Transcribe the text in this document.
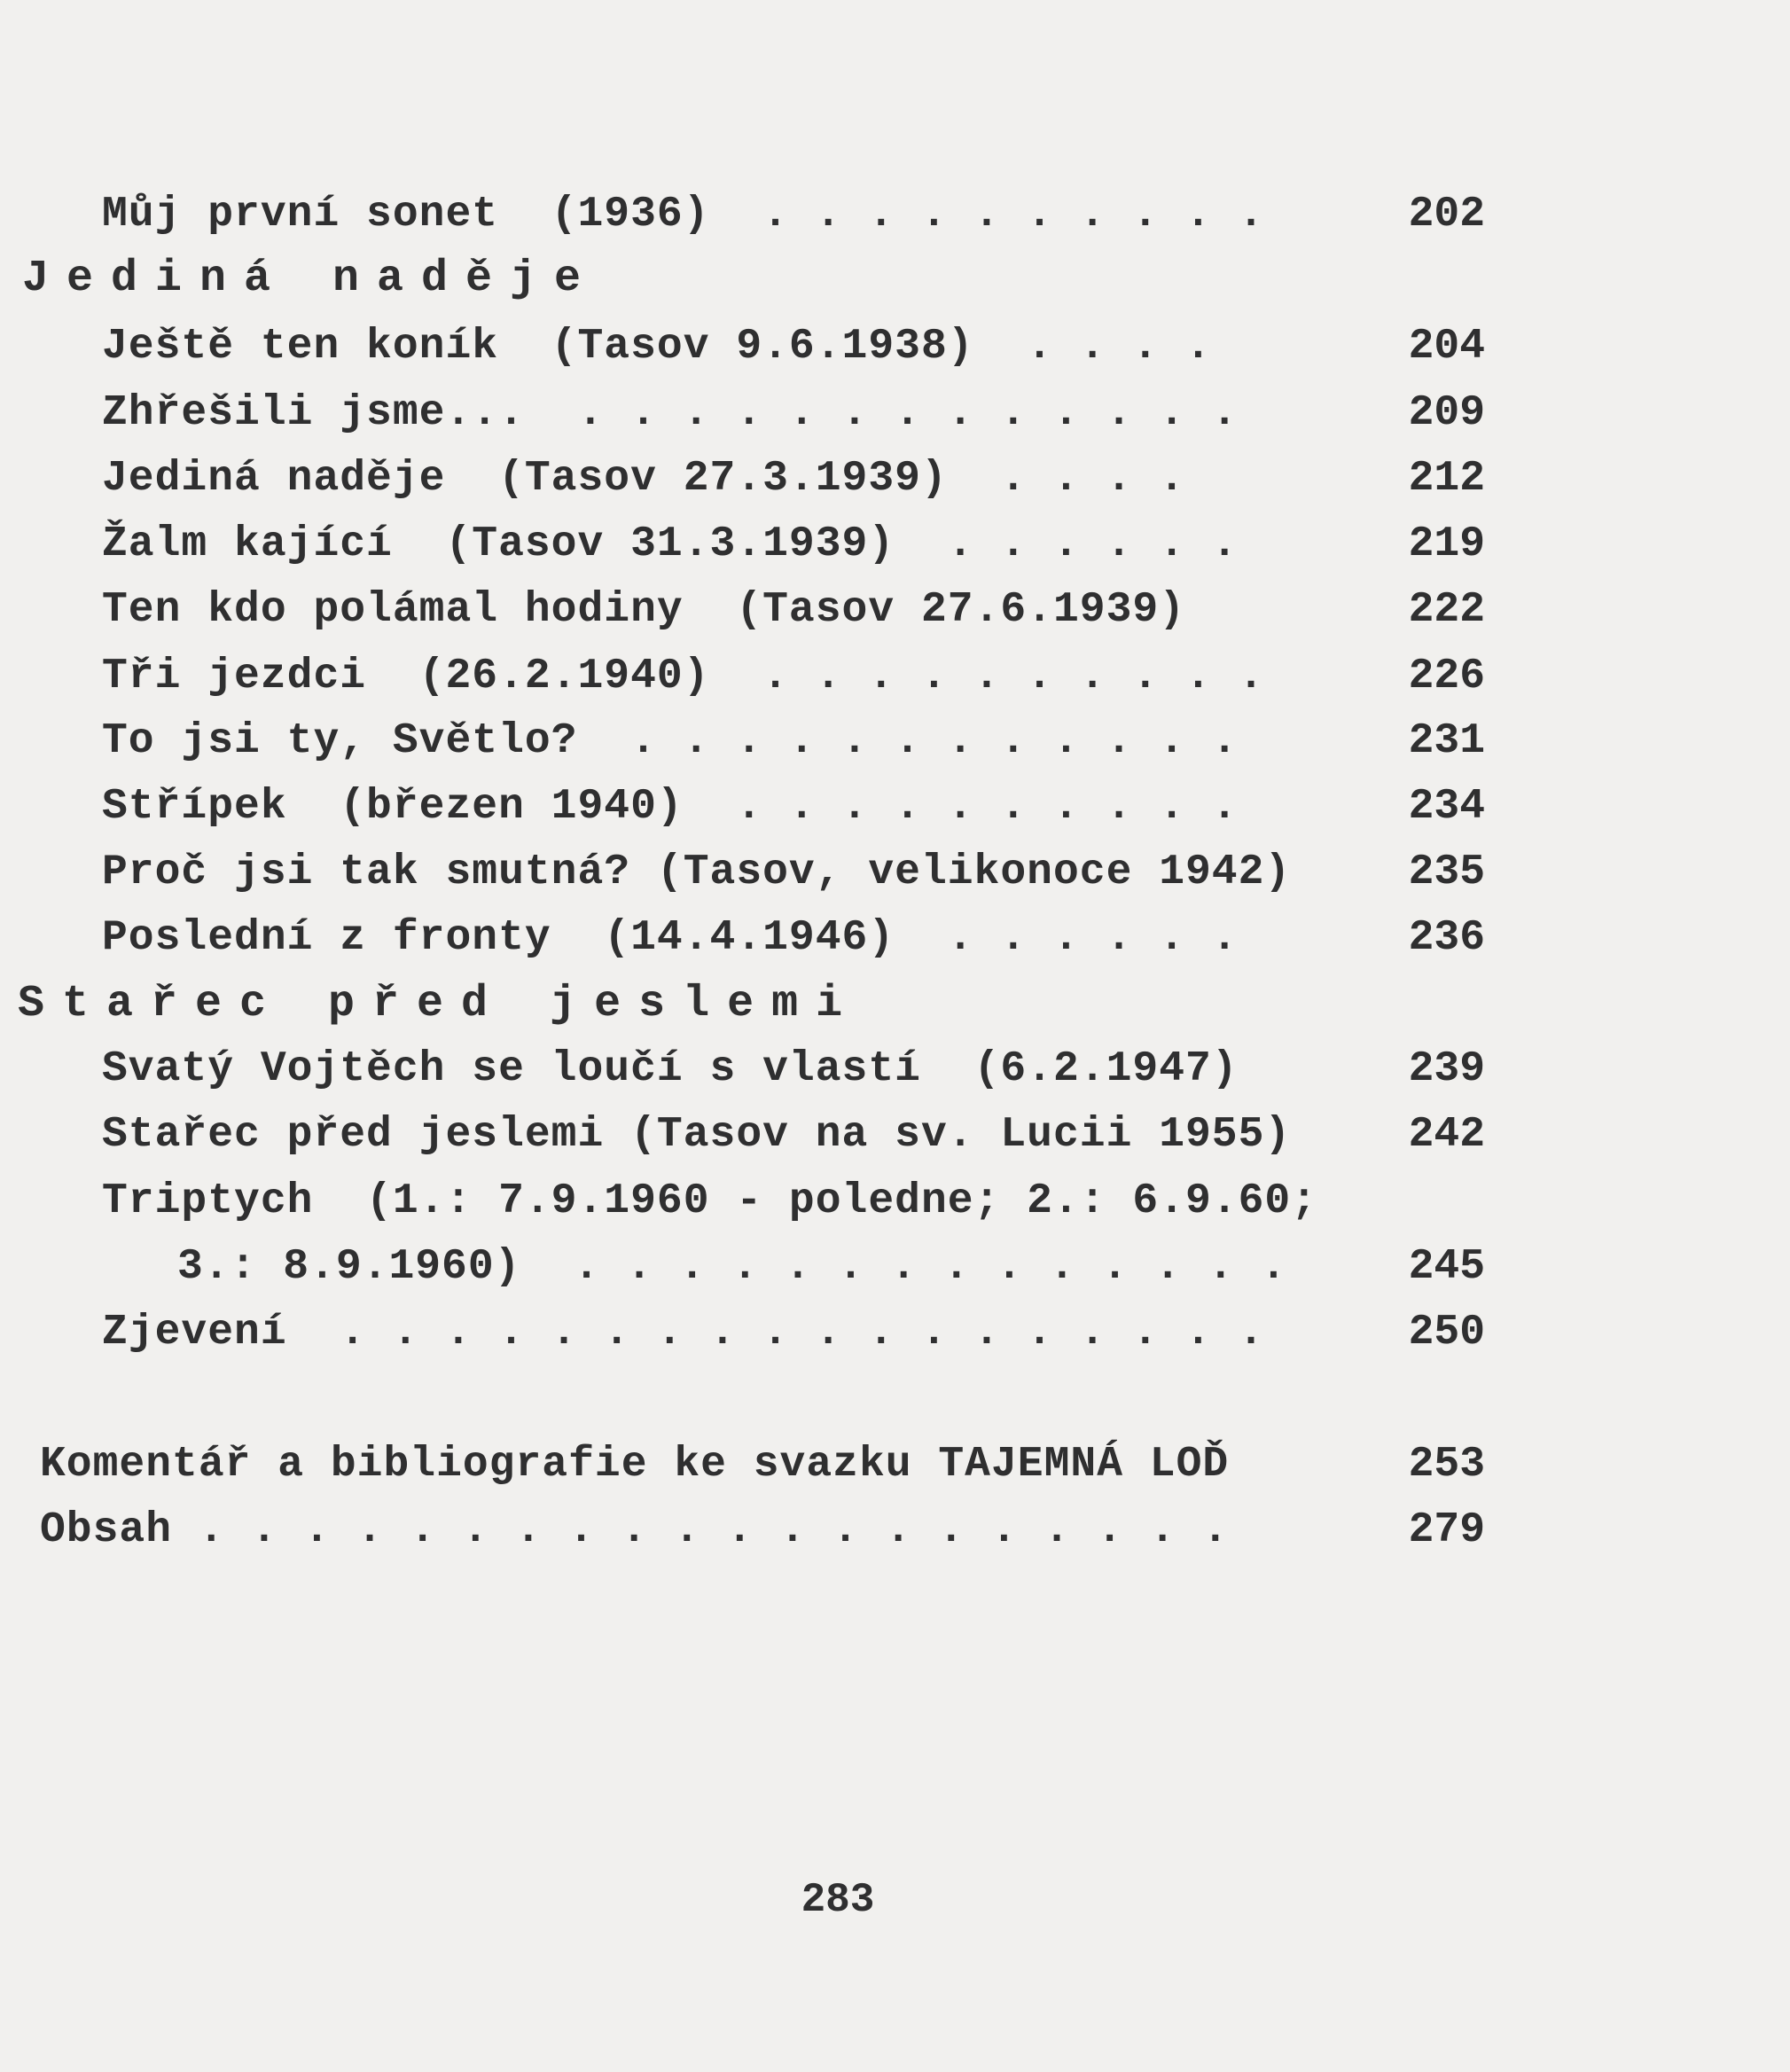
Můj první sonet  (1936)  . . . . . . . . . .	202
Jediná naděje
Ještě ten koník  (Tasov 9.6.1938)  . . . .	204
Zhřešili jsme...  . . . . . . . . . . . . .	209
Jediná naděje  (Tasov 27.3.1939)  . . . .	212
Žalm kající  (Tasov 31.3.1939)  . . . . . .	219
Ten kdo polámal hodiny  (Tasov 27.6.1939)	222
Tři jezdci  (26.2.1940)  . . . . . . . . . .	226
To jsi ty, Světlo?  . . . . . . . . . . . .	231
Střípek  (březen 1940)  . . . . . . . . . .	234
Proč jsi tak smutná? (Tasov, velikonoce 1942)	235
Poslední z fronty  (14.4.1946)  . . . . . .	236
Stařec před jeslemi
Svatý Vojtěch se loučí s vlastí  (6.2.1947)	239
Stařec před jeslemi (Tasov na sv. Lucii 1955)	242
Triptych  (1.: 7.9.1960 - poledne; 2.: 6.9.60;
3.: 8.9.1960)  . . . . . . . . . . . . . .	245
Zjevení  . . . . . . . . . . . . . . . . . .	250
Komentář a bibliografie ke svazku TAJEMNÁ LOĎ	253
Obsah . . . . . . . . . . . . . . . . . . . .	279
283
